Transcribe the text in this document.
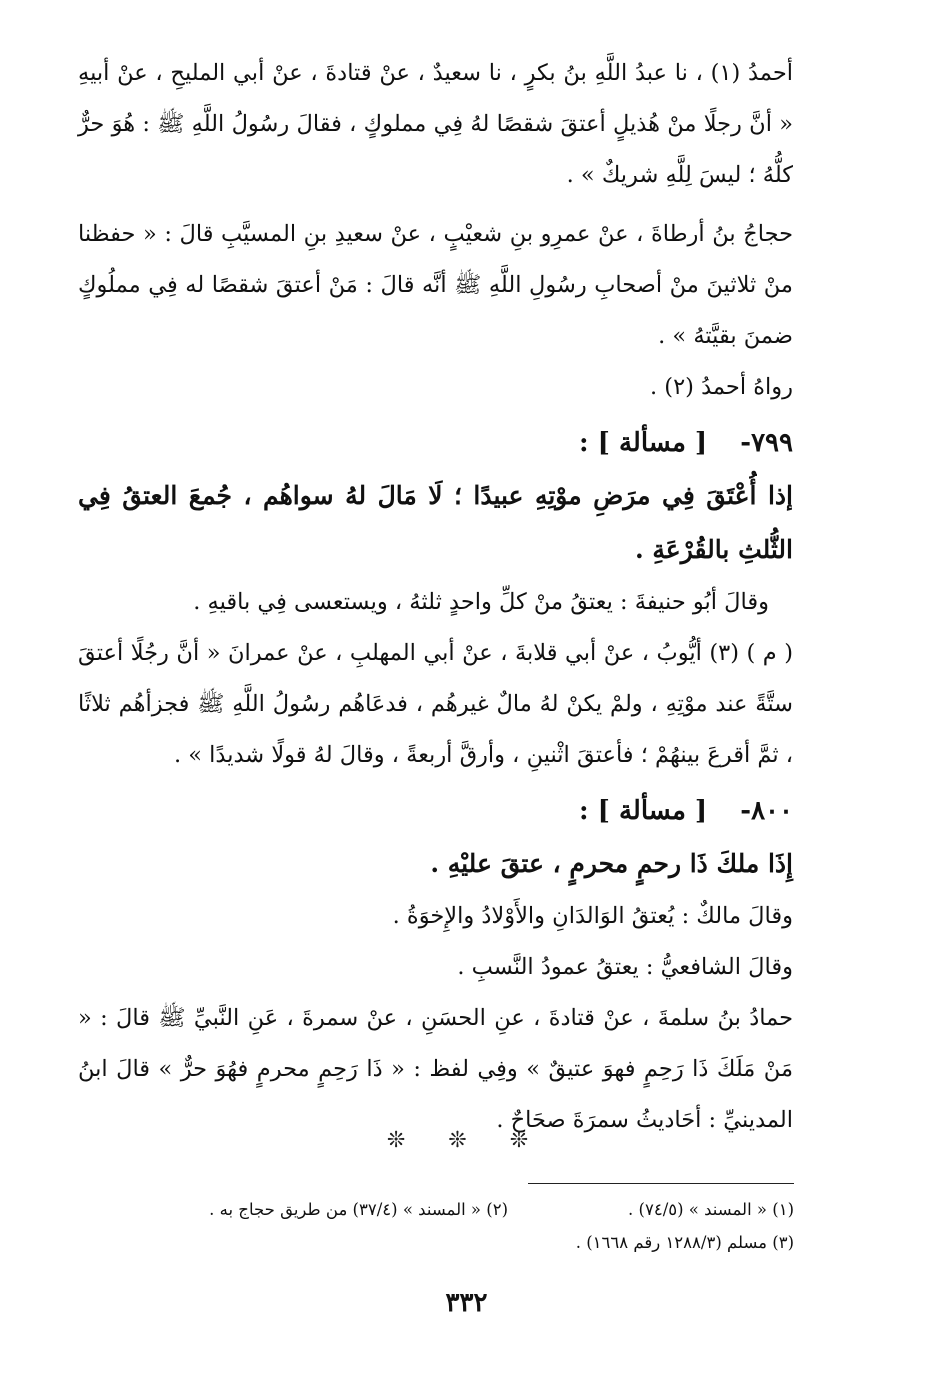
أحمدُ (١) ، نا عبدُ اللَّهِ بنُ بكرٍ ، نا سعيدٌ ، عنْ قتادةَ ، عنْ أبي المليحِ ، عنْ أبيهِ « أنَّ رجلًا منْ هُذيلٍ أعتقَ شقصًا لهُ فِي مملوكٍ ، فقالَ رسُولُ اللَّهِ ﷺ : هُوَ حرٌّ كلُّهُ ؛ ليسَ لِلَّهِ شريكٌ » .

حجاجُ بنُ أرطاةَ ، عنْ عمرِو بنِ شعيْبٍ ، عنْ سعيدِ بنِ المسيَّبِ قالَ : « حفظنا منْ ثلاثينَ منْ أصحابِ رسُولِ اللَّهِ ﷺ أنَّه قالَ : مَنْ أعتقَ شقصًا له فِي مملُوكٍ ضمنَ بقيَّتهُ » .

رواهُ أحمدُ (٢) .

٧٩٩- [ مسألة ] :

إذا أُعْتَقَ فِي مرَضِ موْتِهِ عبيدًا ؛ لَا مَالَ لهُ سواهُم ، جُمعَ العتقُ فِي الثُّلثِ بالقُرْعَةِ .

وقالَ أبُو حنيفةَ : يعتقُ منْ كلِّ واحدٍ ثلثهُ ، ويستعسى فِي باقيهِ .

( م ) (٣) أيُّوبُ ، عنْ أبي قلابةَ ، عنْ أبي المهلبِ ، عنْ عمرانَ « أنَّ رجُلًا أعتقَ ستَّةً عند موْتِهِ ، ولمْ يكنْ لهُ مالٌ غيرهُم ، فدعَاهُم رسُولُ اللَّهِ ﷺ فجزأهُم ثلاثًا ، ثمَّ أقرعَ بينهُمْ ؛ فأعتقَ اثْنينِ ، وأرقَّ أربعةً ، وقالَ لهُ قولًا شديدًا » .

٨٠٠- [ مسألة ] :

إِذَا ملكَ ذَا رحمٍ محرمٍ ، عتقَ عليْهِ .

وقالَ مالكٌ : يُعتقُ الوَالدَانِ والأَوْلادُ والإِخوَةُ .

وقالَ الشافعيُّ : يعتقُ عمودُ النَّسبِ .

حمادُ بنُ سلمةَ ، عنْ قتادةَ ، عنِ الحسَنِ ، عنْ سمرةَ ، عَنِ النَّبيِّ ﷺ قالَ : « مَنْ مَلَكَ ذَا رَحِمٍ فهوَ عتيقٌ » وفِي لفظ : « ذَا رَحِمٍ محرمٍ فهُوَ حرٌّ » قالَ ابنُ المدينيِّ : أحَاديثُ سمرَةَ صحَاحٌ .

❊ ❊ ❊
(١) « المسند » (٧٤/٥) .
(٢) « المسند » (٣٧/٤) من طريق حجاج به .
(٣) مسلم (١٢٨٨/٣ رقم ١٦٦٨) .
٣٣٢
